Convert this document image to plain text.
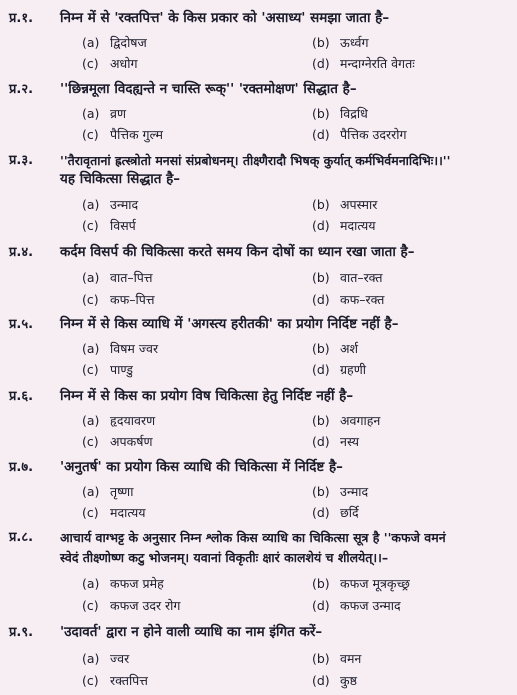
प्र.१. निम्न में से 'रक्तपित्त' के किस प्रकार को 'असाध्य' समझा जाता है–
(a) द्विदोषज	(b) ऊर्ध्वग
(c) अधोग	(d) मन्दाग्नेरति वेगतः
प्र.२. ''छिन्नमूला विदह्यन्ते न चास्ति रूक्'' 'रक्तमोक्षण' सिद्धात है–
(a) व्रण	(b) विद्रधि
(c) पैत्तिक गुल्म	(d) पैत्तिक उदररोग
प्र.३. ''तैरावृतानां ह्रत्स्त्रोतो मनसां संप्रबोधनम्। तीक्ष्णैरादौ भिषक् कुर्यात् कर्मभिर्वमनादिभिः।।''
यह चिकित्सा सिद्धात है–
(a) उन्माद	(b) अपस्मार
(c) विसर्प	(d) मदात्यय
प्र.४. कर्दम विसर्प की चिकित्सा करते समय किन दोषों का ध्यान रखा जाता है–
(a) वात–पित्त	(b) वात–रक्त
(c) कफ–पित्त	(d) कफ–रक्त
प्र.५. निम्न में से किस व्याधि में 'अगस्त्य हरीतकी' का प्रयोग निर्दिष्ट नहीं है–
(a) विषम ज्वर	(b) अर्श
(c) पाण्डु	(d) ग्रहणी
प्र.६. निम्न में से किस का प्रयोग विष चिकित्सा हेतु निर्दिष्ट नहीं है–
(a) हृदयावरण	(b) अवगाहन
(c) अपकर्षण	(d) नस्य
प्र.७. 'अनुतर्ष' का प्रयोग किस व्याधि की चिकित्सा में निर्दिष्ट है–
(a) तृष्णा	(b) उन्माद
(c) मदात्यय	(d) छर्दि
प्र.८. आचार्य वाग्भट्ट के अनुसार निम्न श्लोक किस व्याधि का चिकित्सा सूत्र है ''कफजे वमनं
स्वेदं तीक्ष्णोष्ण कटु भोजनम्। यवानां विकृतीः क्षारं कालशेयं च शीलयेत्।।–
(a) कफज प्रमेह	(b) कफज मूत्रकृच्छ्र
(c) कफज उदर रोग	(d) कफज उन्माद
प्र.९. 'उदावर्त' द्वारा न होने वाली व्याधि का नाम इंगित करें–
(a) ज्वर	(b) वमन
(c) रक्तपित्त	(d) कुष्ठ
